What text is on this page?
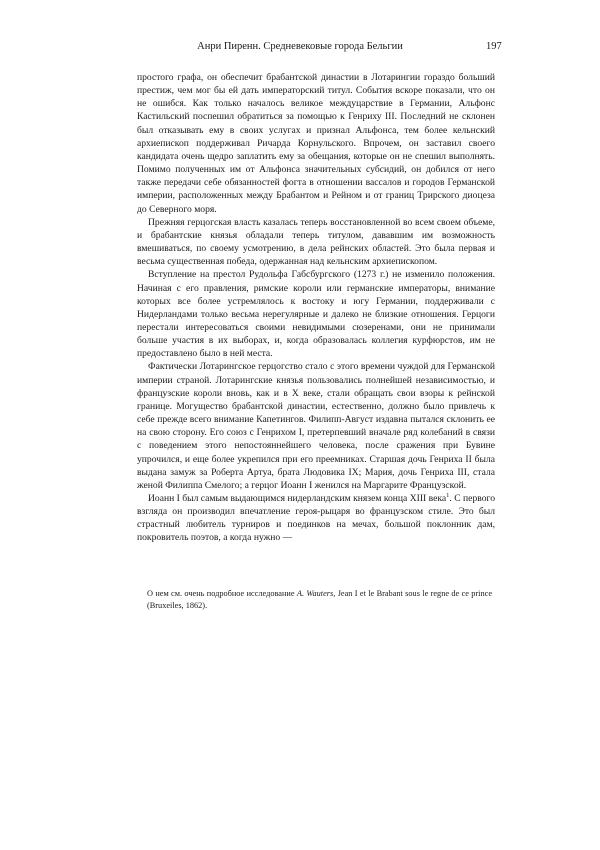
Анри Пиренн. Средневековые города Бельгии	197

простого графа, он обеспечит брабантской династии в Лотарингии гораздо больший престиж, чем мог бы ей дать императорский титул. События вскоре показали, что он не ошибся. Как только началось великое междуцарствие в Германии, Альфонс Кастильский поспешил обратиться за помощью к Генриху III. Последний не склонен был отказывать ему в своих услугах и признал Альфонса, тем более кельнский архиепископ поддерживал Ричарда Корнульского. Впрочем, он заставил своего кандидата очень щедро заплатить ему за обещания, которые он не спешил выполнять. Помимо полученных им от Альфонса значительных субсидий, он добился от него также передачи себе обязанностей фогта в отношении вассалов и городов Германской империи, расположенных между Брабантом и Рейном и от границ Трирского диоцеза до Северного моря.

Прежняя герцогская власть казалась теперь восстановленной во всем своем объеме, и брабантские князья обладали теперь титулом, дававшим им возможность вмешиваться, по своему усмотрению, в дела рейнских областей. Это была первая и весьма существенная победа, одержанная над кельнским архиепископом.

Вступление на престол Рудольфа Габсбургского (1273 г.) не изменило положения. Начиная с его правления, римские короли или германские императоры, внимание которых все более устремлялось к востоку и югу Германии, поддерживали с Нидерландами только весьма нерегулярные и далеко не близкие отношения. Герцоги перестали интересоваться своими невидимыми сюзеренами, они не принимали больше участия в их выборах, и, когда образовалась коллегия курфюрстов, им не предоставлено было в ней места.

Фактически Лотарингское герцогство стало с этого времени чуждой для Германской империи страной. Лотарингские князья пользовались полнейшей независимостью, и французские короли вновь, как и в X веке, стали обращать свои взоры к рейнской границе. Могущество брабантской династии, естественно, должно было привлечь к себе прежде всего внимание Капетингов. Филипп-Август издавна пытался склонить ее на свою сторону. Его союз с Генрихом I, претерпевший вначале ряд колебаний в связи с поведением этого непостояннейшего человека, после сражения при Бувине упрочился, и еще более укрепился при его преемниках. Старшая дочь Генриха II была выдана замуж за Роберта Артуа, брата Людовика IX; Мария, дочь Генриха III, стала женой Филиппа Смелого; а герцог Иоанн I женился на Маргарите Французской.

Иоанн I был самым выдающимся нидерландским князем конца XIII века$^1$. С первого взгляда он производил впечатление героя-рыцаря во французском стиле. Это был страстный любитель турниров и поединков на мечах, большой поклонник дам, покровитель поэтов, а когда нужно —

О нем см. очень подробное исследование A. Wauters, Jean I et le Brabant sous le regne de ce prince (Bruxeiles, 1862).
